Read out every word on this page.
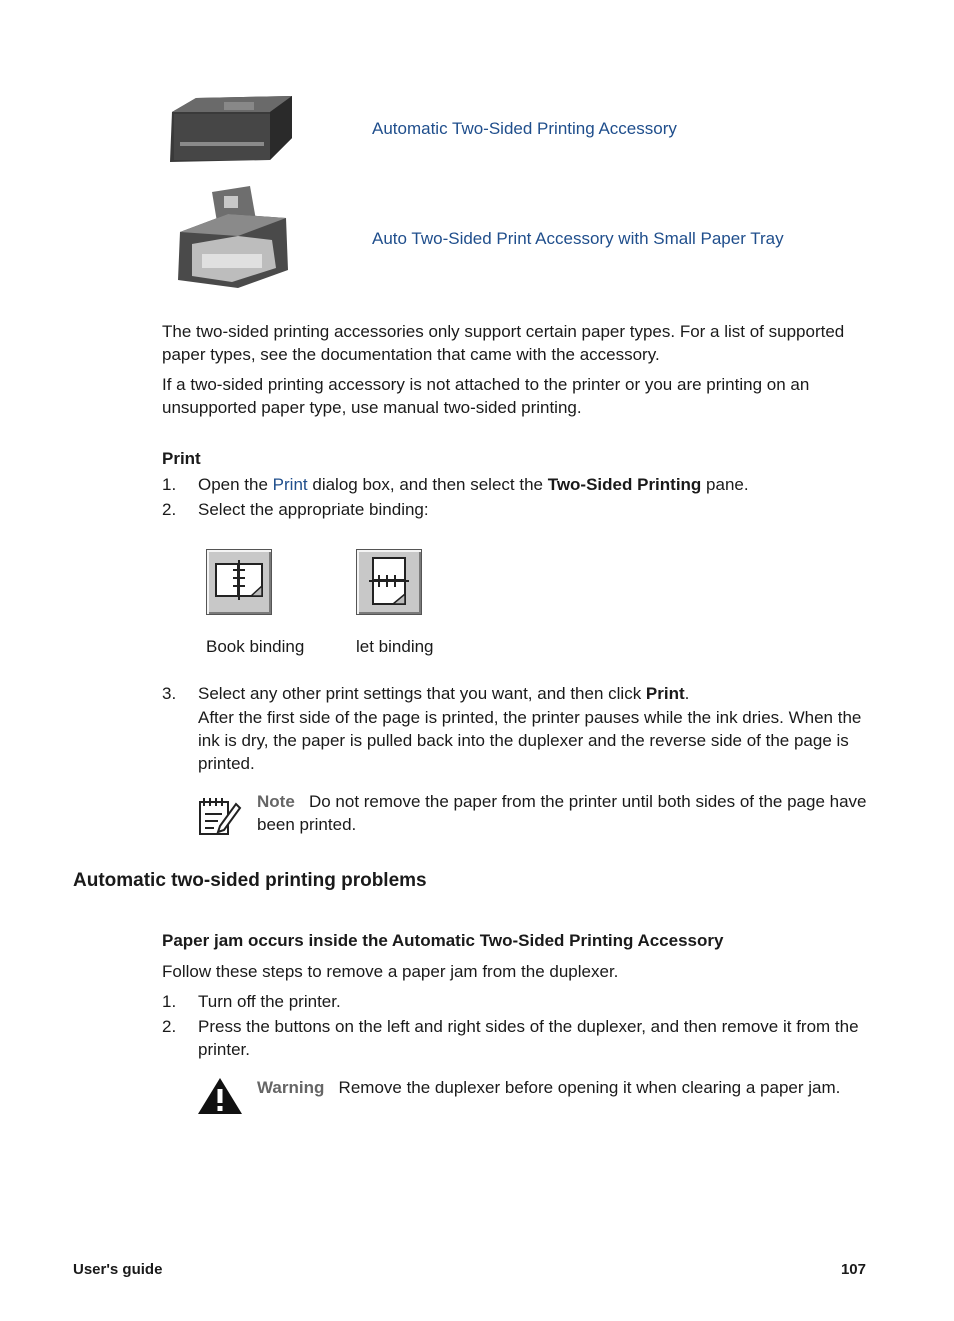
Automatic Two-Sided Printing Accessory
Auto Two-Sided Print Accessory with Small Paper Tray
The two-sided printing accessories only support certain paper types. For a list of supported paper types, see the documentation that came with the accessory.
If a two-sided printing accessory is not attached to the printer or you are printing on an unsupported paper type, use manual two-sided printing.
Print
1.	Open the Print dialog box, and then select the Two-Sided Printing pane.
2.	Select the appropriate binding:
Book binding	let binding
3.	Select any other print settings that you want, and then click Print.
After the first side of the page is printed, the printer pauses while the ink dries. When the ink is dry, the paper is pulled back into the duplexer and the reverse side of the page is printed.
Note Do not remove the paper from the printer until both sides of the page have been printed.
Automatic two-sided printing problems
Paper jam occurs inside the Automatic Two-Sided Printing Accessory
Follow these steps to remove a paper jam from the duplexer.
1.	Turn off the printer.
2.	Press the buttons on the left and right sides of the duplexer, and then remove it from the printer.
Warning Remove the duplexer before opening it when clearing a paper jam.
User's guide	107
